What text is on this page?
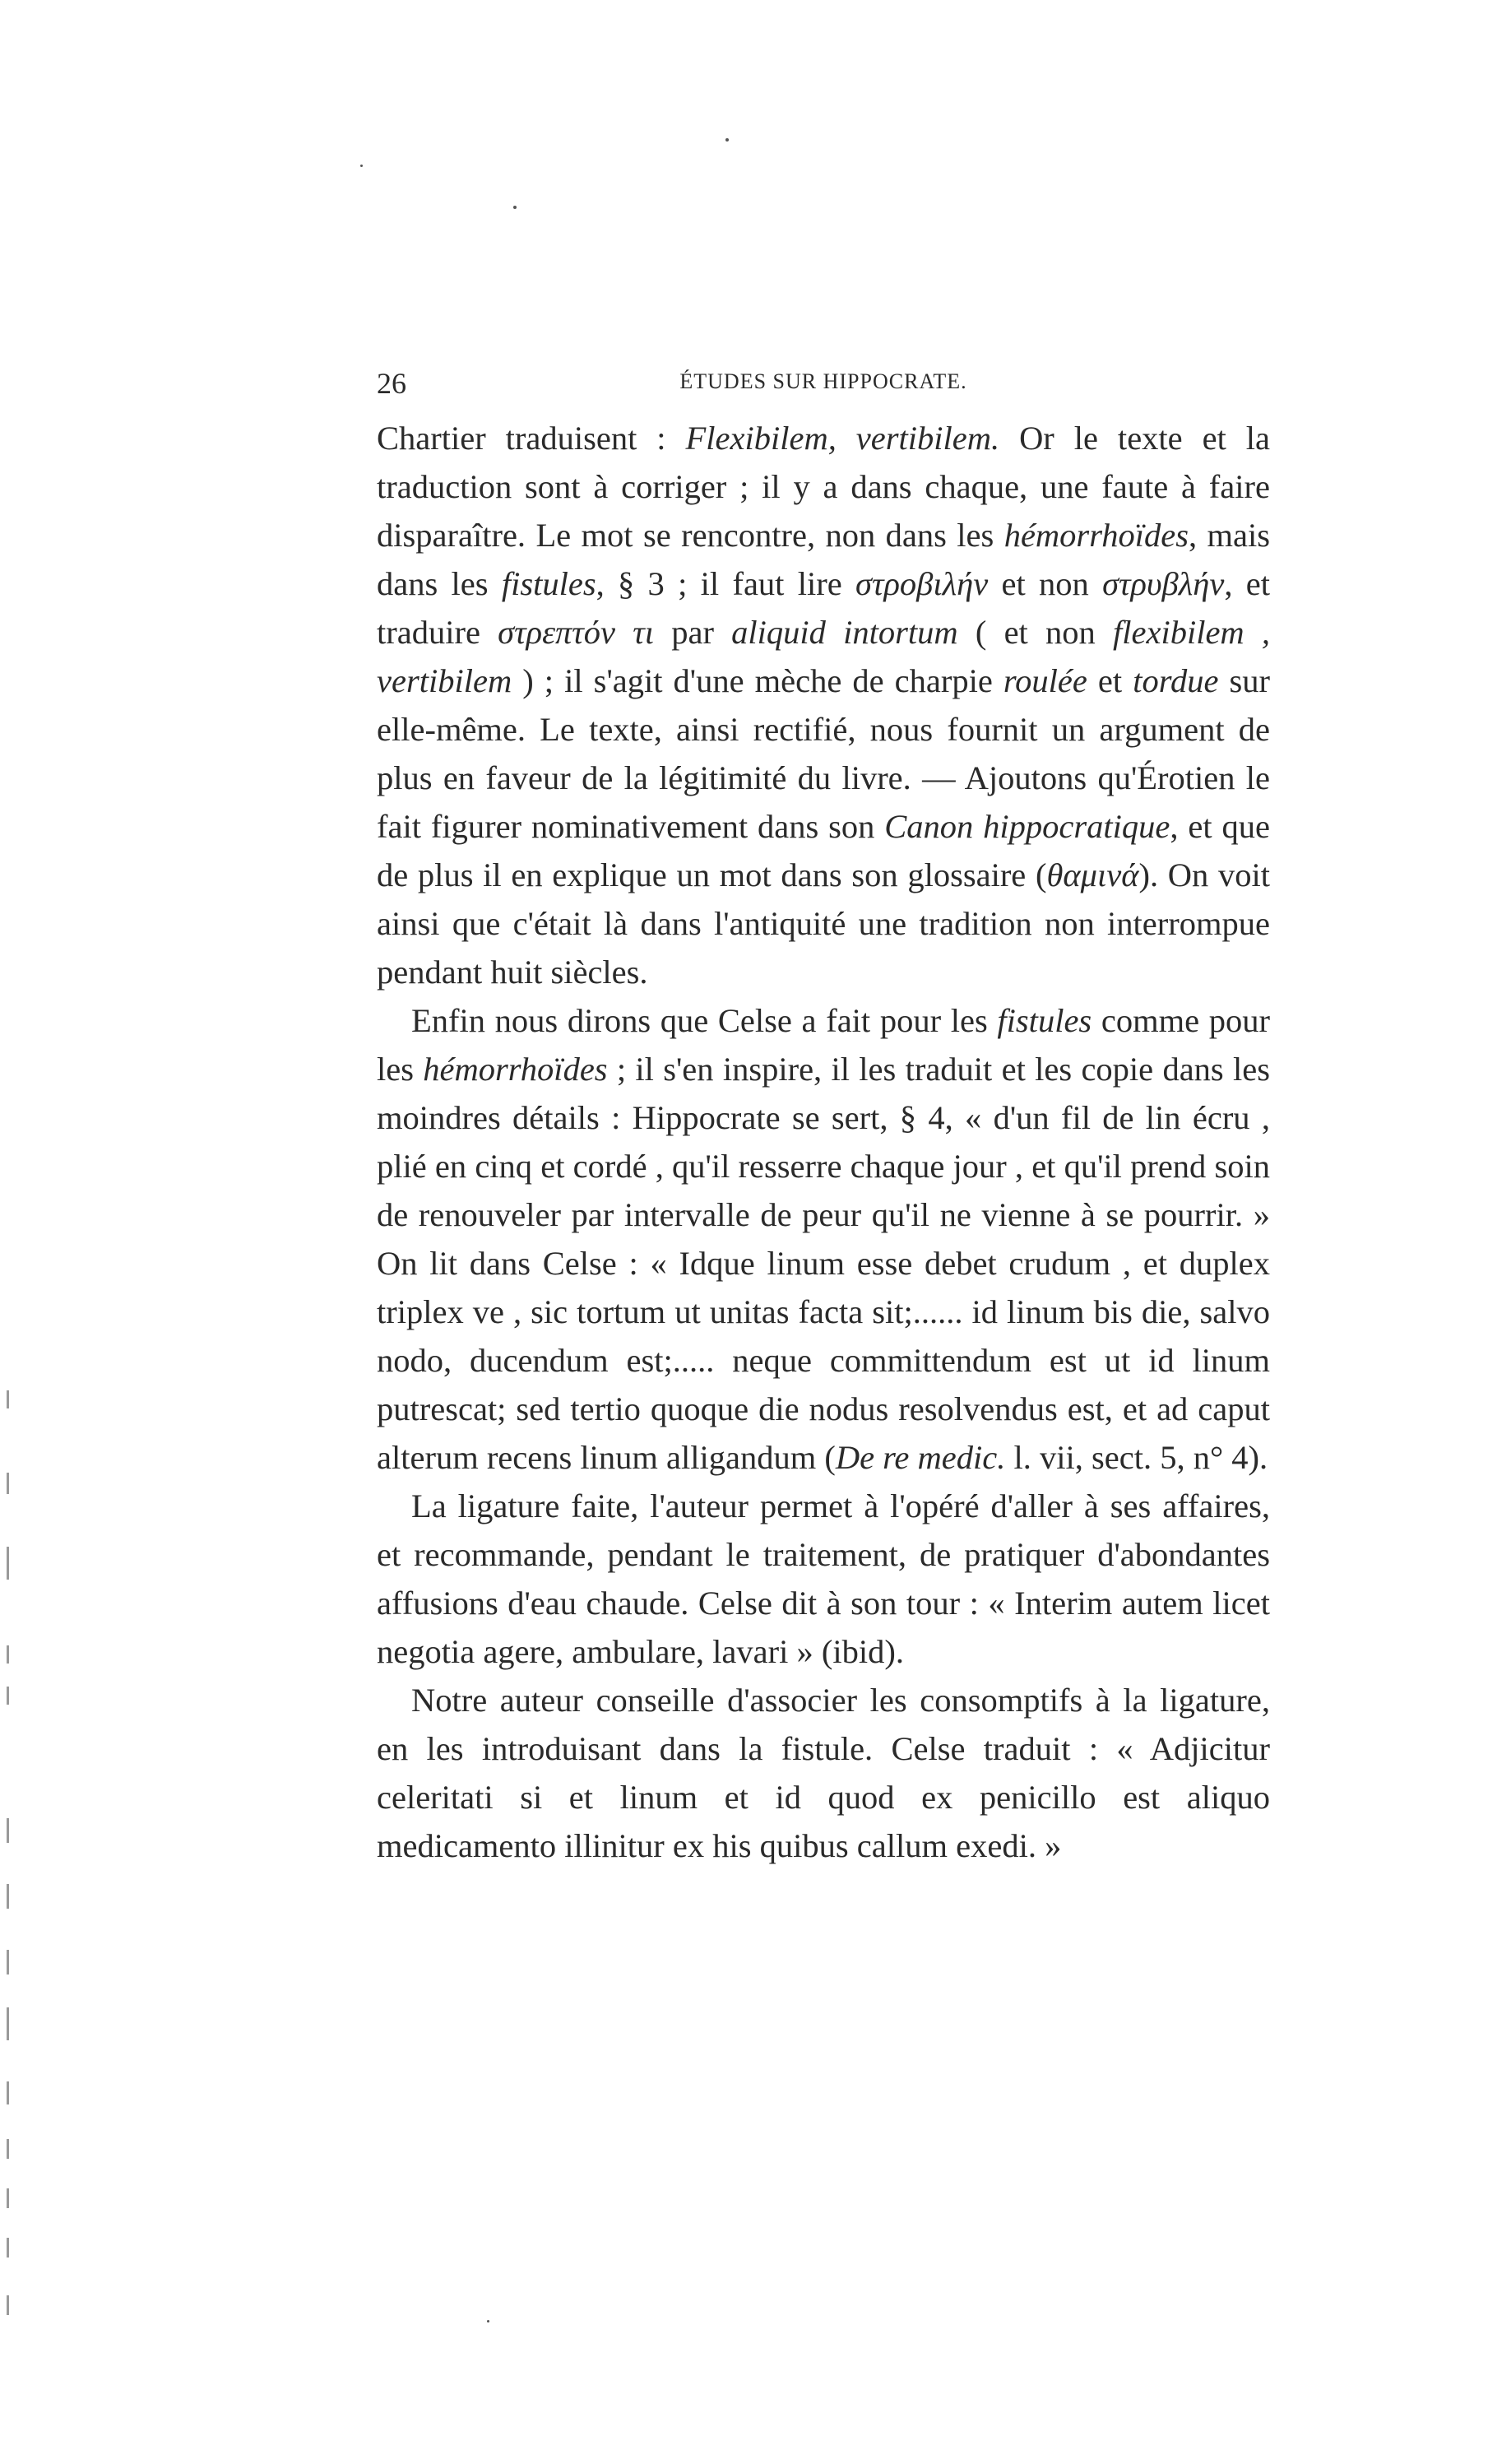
26	ÉTUDES SUR HIPPOCRATE.

Chartier traduisent : Flexibilem, vertibilem. Or le texte et la traduction sont à corriger ; il y a dans chaque, une faute à faire disparaître. Le mot se rencontre, non dans les hémorrhoïdes, mais dans les fistules, § 3 ; il faut lire στροβιλήν et non στρυβλήν, et traduire στρεπτόν τι par aliquid intortum ( et non flexibilem , vertibilem ) ; il s'agit d'une mèche de charpie roulée et tordue sur elle-même. Le texte, ainsi rectifié, nous fournit un argument de plus en faveur de la légitimité du livre. — Ajoutons qu'Érotien le fait figurer nominativement dans son Canon hippocratique, et que de plus il en explique un mot dans son glossaire (θαμινά). On voit ainsi que c'était là dans l'antiquité une tradition non interrompue pendant huit siècles.

Enfin nous dirons que Celse a fait pour les fistules comme pour les hémorrhoïdes ; il s'en inspire, il les traduit et les copie dans les moindres détails : Hippocrate se sert, § 4, « d'un fil de lin écru , plié en cinq et cordé , qu'il resserre chaque jour , et qu'il prend soin de renouveler par intervalle de peur qu'il ne vienne à se pourrir. » On lit dans Celse : « Idque linum esse debet crudum , et duplex triplex ve , sic tortum ut unitas facta sit;...... id linum bis die, salvo nodo, ducendum est;..... neque committendum est ut id linum putrescat; sed tertio quoque die nodus resolvendus est, et ad caput alterum recens linum alligandum (De re medic. l. vii, sect. 5, n° 4).

La ligature faite, l'auteur permet à l'opéré d'aller à ses affaires, et recommande, pendant le traitement, de pratiquer d'abondantes affusions d'eau chaude. Celse dit à son tour : « Interim autem licet negotia agere, ambulare, lavari » (ibid).

Notre auteur conseille d'associer les consomptifs à la ligature, en les introduisant dans la fistule. Celse traduit : « Adjicitur celeritati si et linum et id quod ex penicillo est aliquo medicamento illinitur ex his quibus callum exedi. »
